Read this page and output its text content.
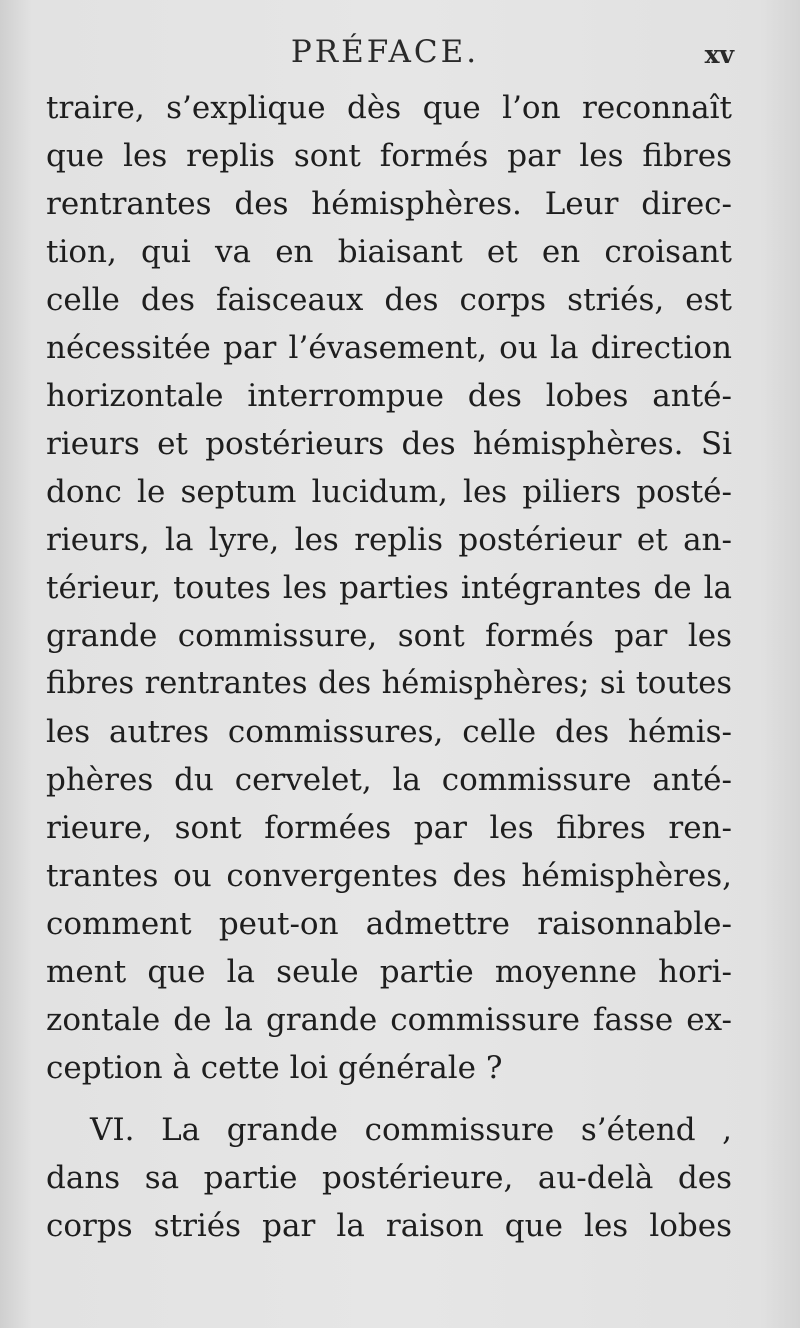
PRÉFACE.	xv
traire, s’explique dès que l’on reconnaît
que les replis sont formés par les fibres
rentrantes des hémisphères. Leur direc-
tion, qui va en biaisant et en croisant
celle des faisceaux des corps striés, est
nécessitée par l’évasement, ou la direction
horizontale interrompue des lobes anté-
rieurs et postérieurs des hémisphères. Si
donc le septum lucidum, les piliers posté-
rieurs, la lyre, les replis postérieur et an-
térieur, toutes les parties intégrantes de la
grande commissure, sont formés par les
fibres rentrantes des hémisphères; si toutes
les autres commissures, celle des hémis-
phères du cervelet, la commissure anté-
rieure, sont formées par les fibres ren-
trantes ou convergentes des hémisphères,
comment peut-on admettre raisonnable-
ment que la seule partie moyenne hori-
zontale de la grande commissure fasse ex-
ception à cette loi générale ?
VI. La grande commissure s’étend ,
dans sa partie postérieure, au-delà des
corps striés par la raison que les lobes
